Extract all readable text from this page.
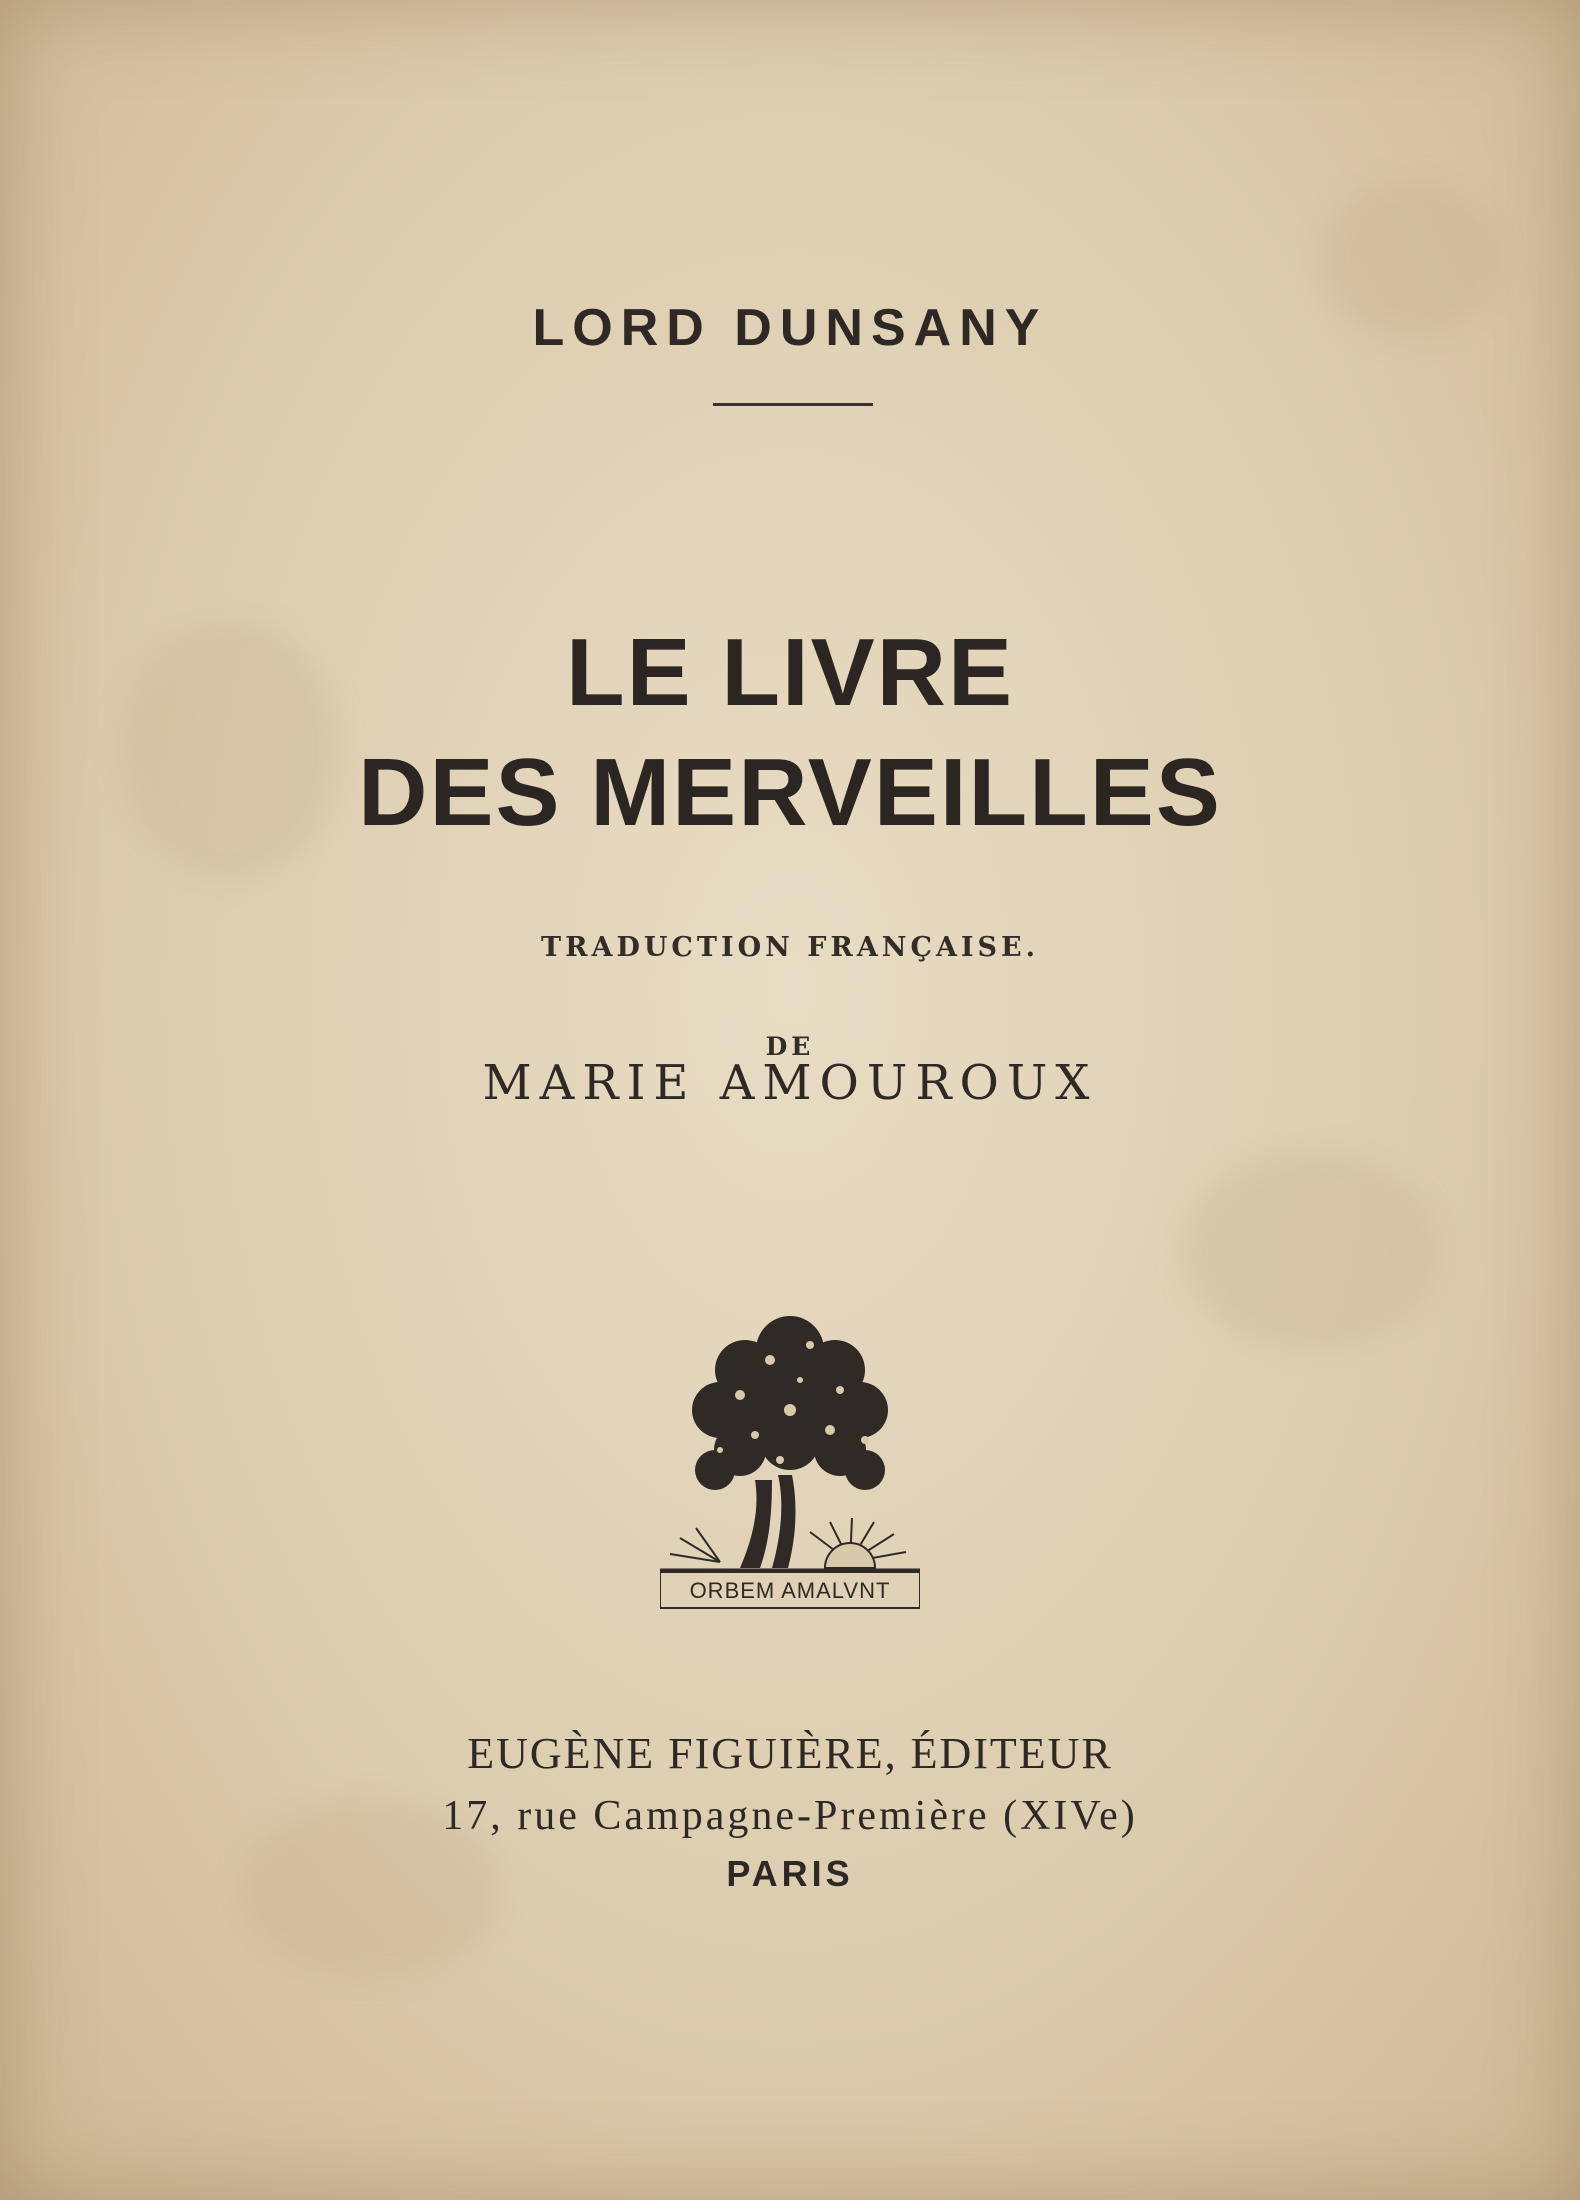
LORD DUNSANY
LE LIVRE
DES MERVEILLES
TRADUCTION FRANÇAISE.
DE
MARIE AMOUROUX
ORBEM AMALVNT
EUGÈNE FIGUIÈRE, ÉDITEUR
17, rue Campagne-Première (XIVe)
PARIS
